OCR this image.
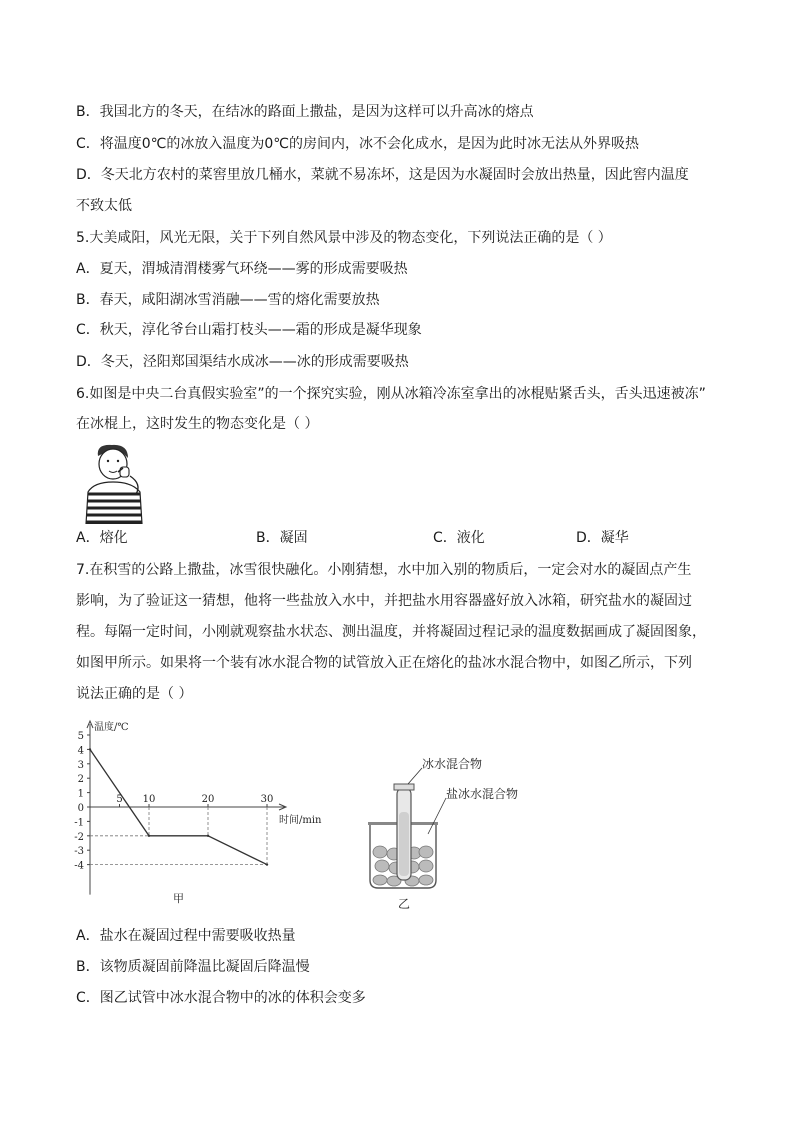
B．我国北方的冬天，在结冰的路面上撒盐，是因为这样可以升高冰的熔点
C．将温度0℃的冰放入温度为0℃的房间内，冰不会化成水，是因为此时冰无法从外界吸热
D．冬天北方农村的菜窖里放几桶水，菜就不易冻坏，这是因为水凝固时会放出热量，因此窖内温度
不致太低
5.大美咸阳，风光无限，关于下列自然风景中涉及的物态变化，下列说法正确的是（ ）
A．夏天，渭城清渭楼雾气环绕——雾的形成需要吸热
B．春天，咸阳湖冰雪消融——雪的熔化需要放热
C．秋天，淳化爷台山霜打枝头——霜的形成是凝华现象
D．冬天，泾阳郑国渠结水成冰——冰的形成需要吸热
6.如图是中央二台真假实验室”的一个探究实验，刚从冰箱冷冻室拿出的冰棍贴紧舌头，舌头迅速被冻”
在冰棍上，这时发生的物态变化是（ ）
A．熔化	B．凝固	C．液化	D．凝华
7.在积雪的公路上撒盐，冰雪很快融化。小刚猜想，水中加入别的物质后，一定会对水的凝固点产生
影响，为了验证这一猜想，他将一些盐放入水中，并把盐水用容器盛好放入冰箱，研究盐水的凝固过
程。每隔一定时间，小刚就观察盐水状态、测出温度，并将凝固过程记录的温度数据画成了凝固图象，
如图甲所示。如果将一个装有冰水混合物的试管放入正在熔化的盐冰水混合物中，如图乙所示，下列
说法正确的是（ ）
5
4
3
2
1
0
-1
-2
-3
-4
5 10	20	30
温度/℃
时间/min
甲
冰水混合物
盐冰水混合物
乙
A．盐水在凝固过程中需要吸收热量
B．该物质凝固前降温比凝固后降温慢
C．图乙试管中冰水混合物中的冰的体积会变多
